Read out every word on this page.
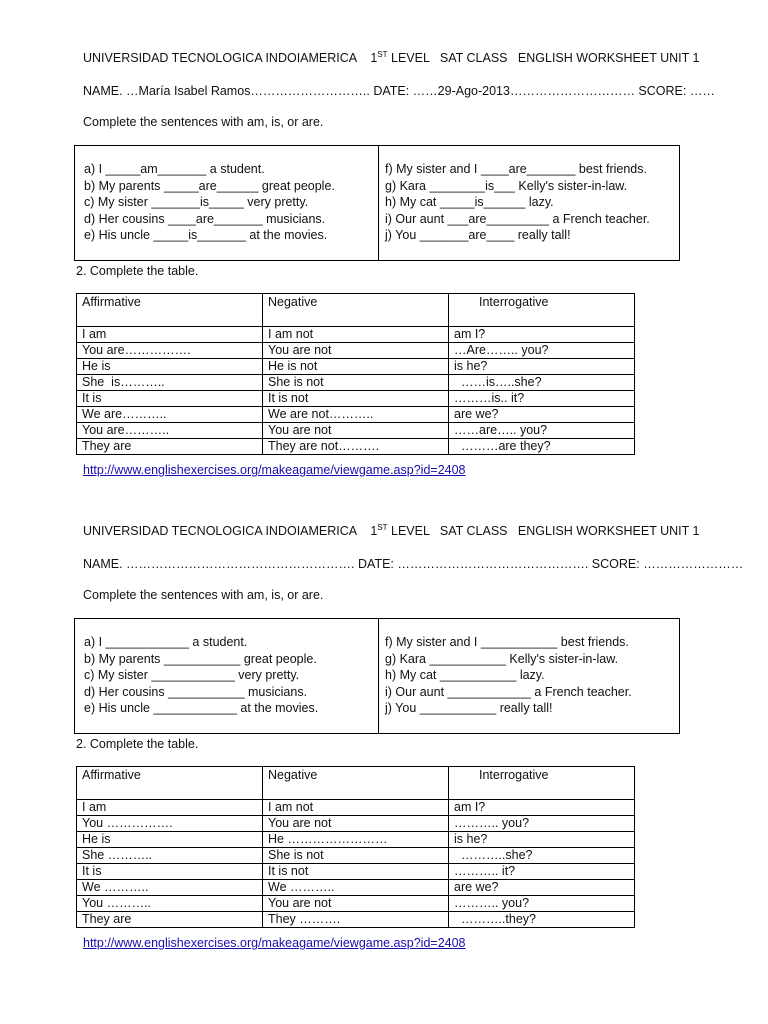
UNIVERSIDAD TECNOLOGICA INDOIAMERICA 1ST LEVEL   SAT CLASS   ENGLISH WORKSHEET UNIT 1
NAME. …María Isabel Ramos……………………….. DATE: ……29-Ago-2013………………………… SCORE: ……
Complete the sentences with am, is, or are.
a) I _____am_______ a student.
b) My parents _____are______ great people.
c) My sister _______is_____ very pretty.
d) Her cousins ____are_______ musicians.
e) His uncle _____is_______ at the movies.
f) My sister and I ____are_______ best friends.
g) Kara ________is___ Kelly's sister-in-law.
h) My cat _____is______ lazy.
i) Our aunt ___are_________ a French teacher.
j) You _______are____ really tall!
2. Complete the table.
Affirmative	Negative	Interrogative
I am	I am not	am I?
You are…………….	You are not	…Are…….. you?
He is	He is not	is he?
She  is………..	She is not	……is…..she?
It is	It is not	………is.. it?
We are………..	We are not………..	are we?
You are………..	You are not	……are….. you?
They are	They are not……….	………are they?
http://www.englishexercises.org/makeagame/viewgame.asp?id=2408
UNIVERSIDAD TECNOLOGICA INDOIAMERICA 1ST LEVEL   SAT CLASS   ENGLISH WORKSHEET UNIT 1
NAME. ………………………………………………. DATE: ………………………………………. SCORE: ……………………
Complete the sentences with am, is, or are.
a) I ____________ a student.
b) My parents ___________ great people.
c) My sister ____________ very pretty.
d) Her cousins ___________ musicians.
e) His uncle ____________ at the movies.
f) My sister and I ___________ best friends.
g) Kara ___________ Kelly's sister-in-law.
h) My cat ___________ lazy.
i) Our aunt ____________ a French teacher.
j) You ___________ really tall!
2. Complete the table.
Affirmative	Negative	Interrogative
I am	I am not	am I?
You …………….	You are not	……….. you?
He is	He ……………………	is he?
She ………..	She is not	………..she?
It is	It is not	……….. it?
We ………..	We ………..	are we?
You ………..	You are not	……….. you?
They are	They ……….	………..they?
http://www.englishexercises.org/makeagame/viewgame.asp?id=2408
